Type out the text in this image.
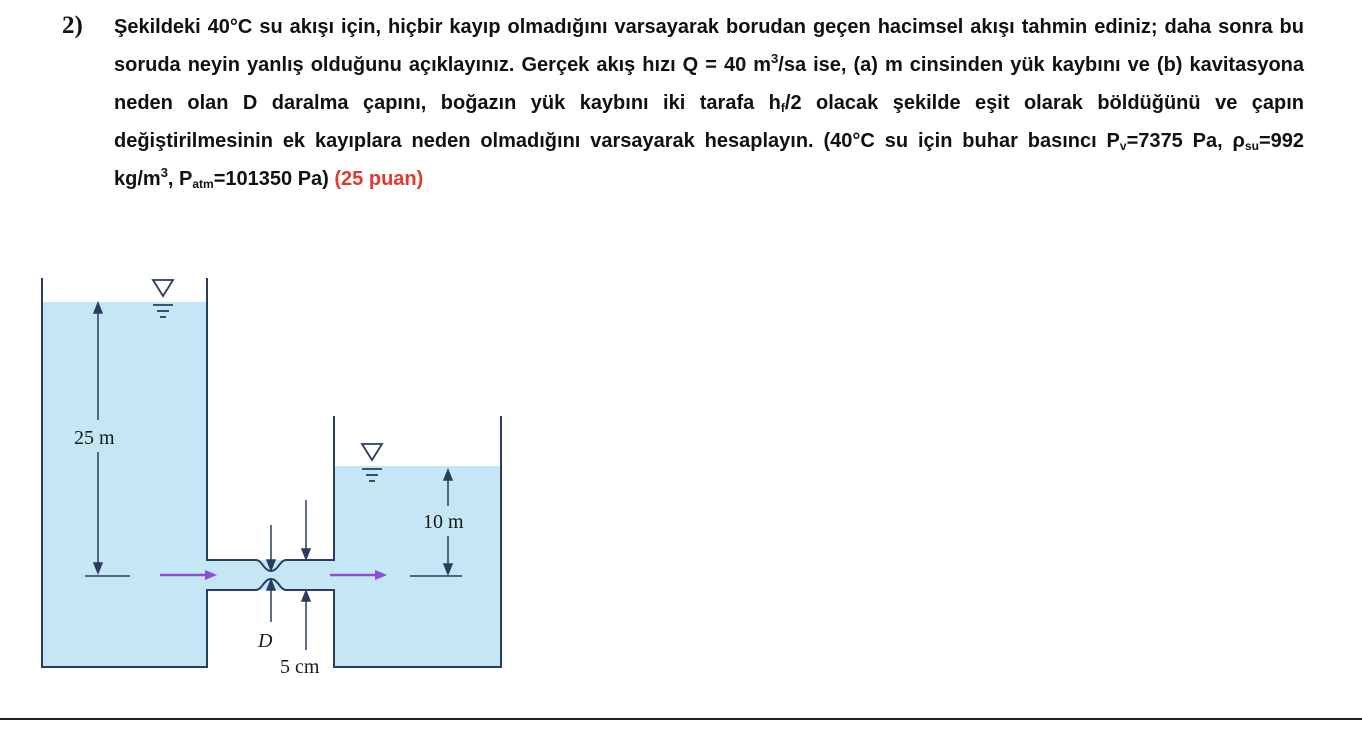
2) Şekildeki 40°C su akışı için, hiçbir kayıp olmadığını varsayarak borudan geçen hacimsel akışı tahmin ediniz; daha sonra bu soruda neyin yanlış olduğunu açıklayınız. Gerçek akış hızı Q = 40 $m^3/sa$ ise, (a) m cinsinden yük kaybını ve (b) kavitasyona neden olan D daralma çapını, boğazın yük kaybını iki tarafa $h_f/2$ olacak şekilde eşit olarak böldüğünü ve çapın değiştirilmesinin ek kayıplara neden olmadığını varsayarak hesaplayın. (40°C su için buhar basıncı $P_v=7375$ Pa, $\rho_{su}=992$ $kg/m^3$, $P_{atm}=101350$ Pa) (25 puan)
25 m
10 m
D
5 cm
